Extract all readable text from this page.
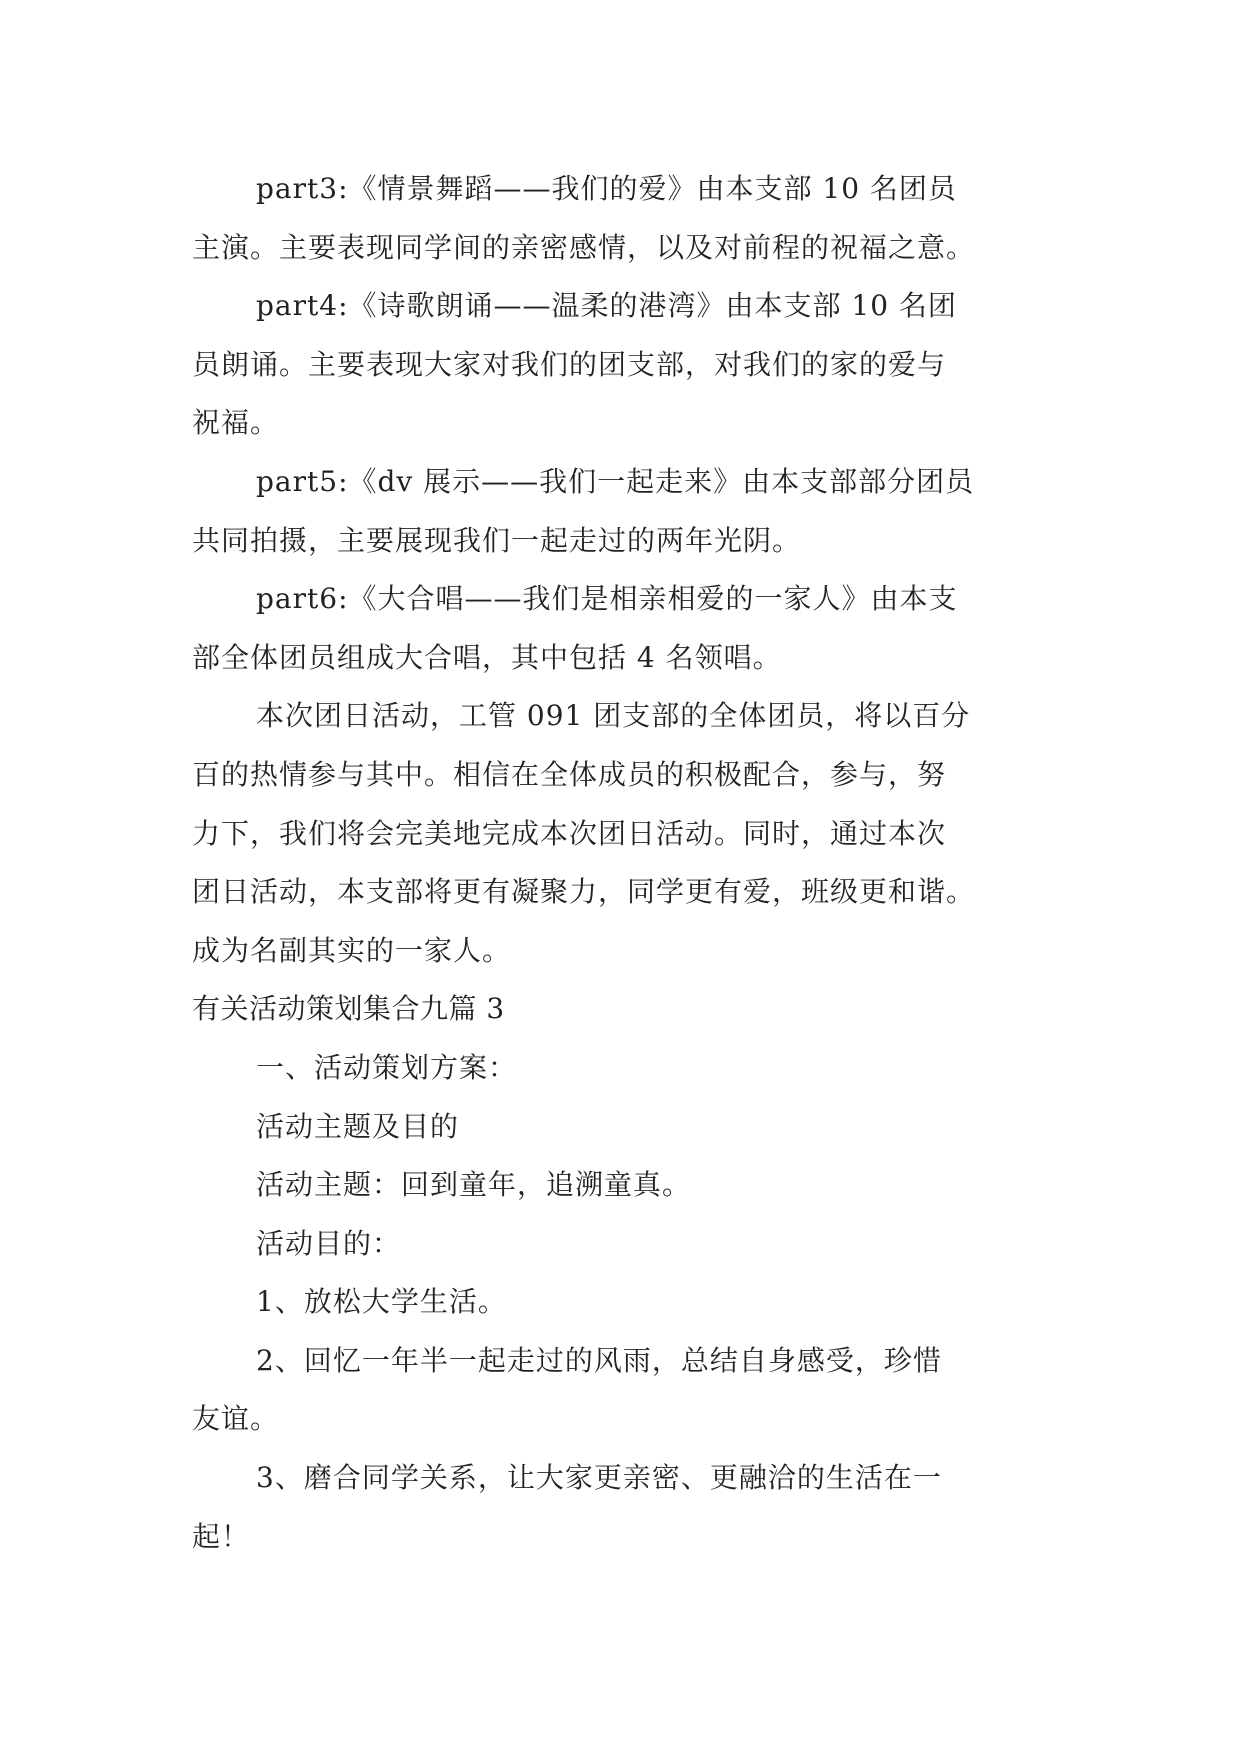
part3:《情景舞蹈——我们的爱》由本支部 10 名团员
主演。主要表现同学间的亲密感情，以及对前程的祝福之意。
part4:《诗歌朗诵——温柔的港湾》由本支部 10 名团
员朗诵。主要表现大家对我们的团支部，对我们的家的爱与
祝福。
part5:《dv 展示——我们一起走来》由本支部部分团员
共同拍摄，主要展现我们一起走过的两年光阴。
part6:《大合唱——我们是相亲相爱的一家人》由本支
部全体团员组成大合唱，其中包括 4 名领唱。
本次团日活动，工管 091 团支部的全体团员，将以百分
百的热情参与其中。相信在全体成员的积极配合，参与，努
力下，我们将会完美地完成本次团日活动。同时，通过本次
团日活动，本支部将更有凝聚力，同学更有爱，班级更和谐。
成为名副其实的一家人。
有关活动策划集合九篇 3
一、活动策划方案：
活动主题及目的
活动主题：回到童年，追溯童真。
活动目的：
1、放松大学生活。
2、回忆一年半一起走过的风雨，总结自身感受，珍惜
友谊。
3、磨合同学关系，让大家更亲密、更融洽的生活在一
起！
